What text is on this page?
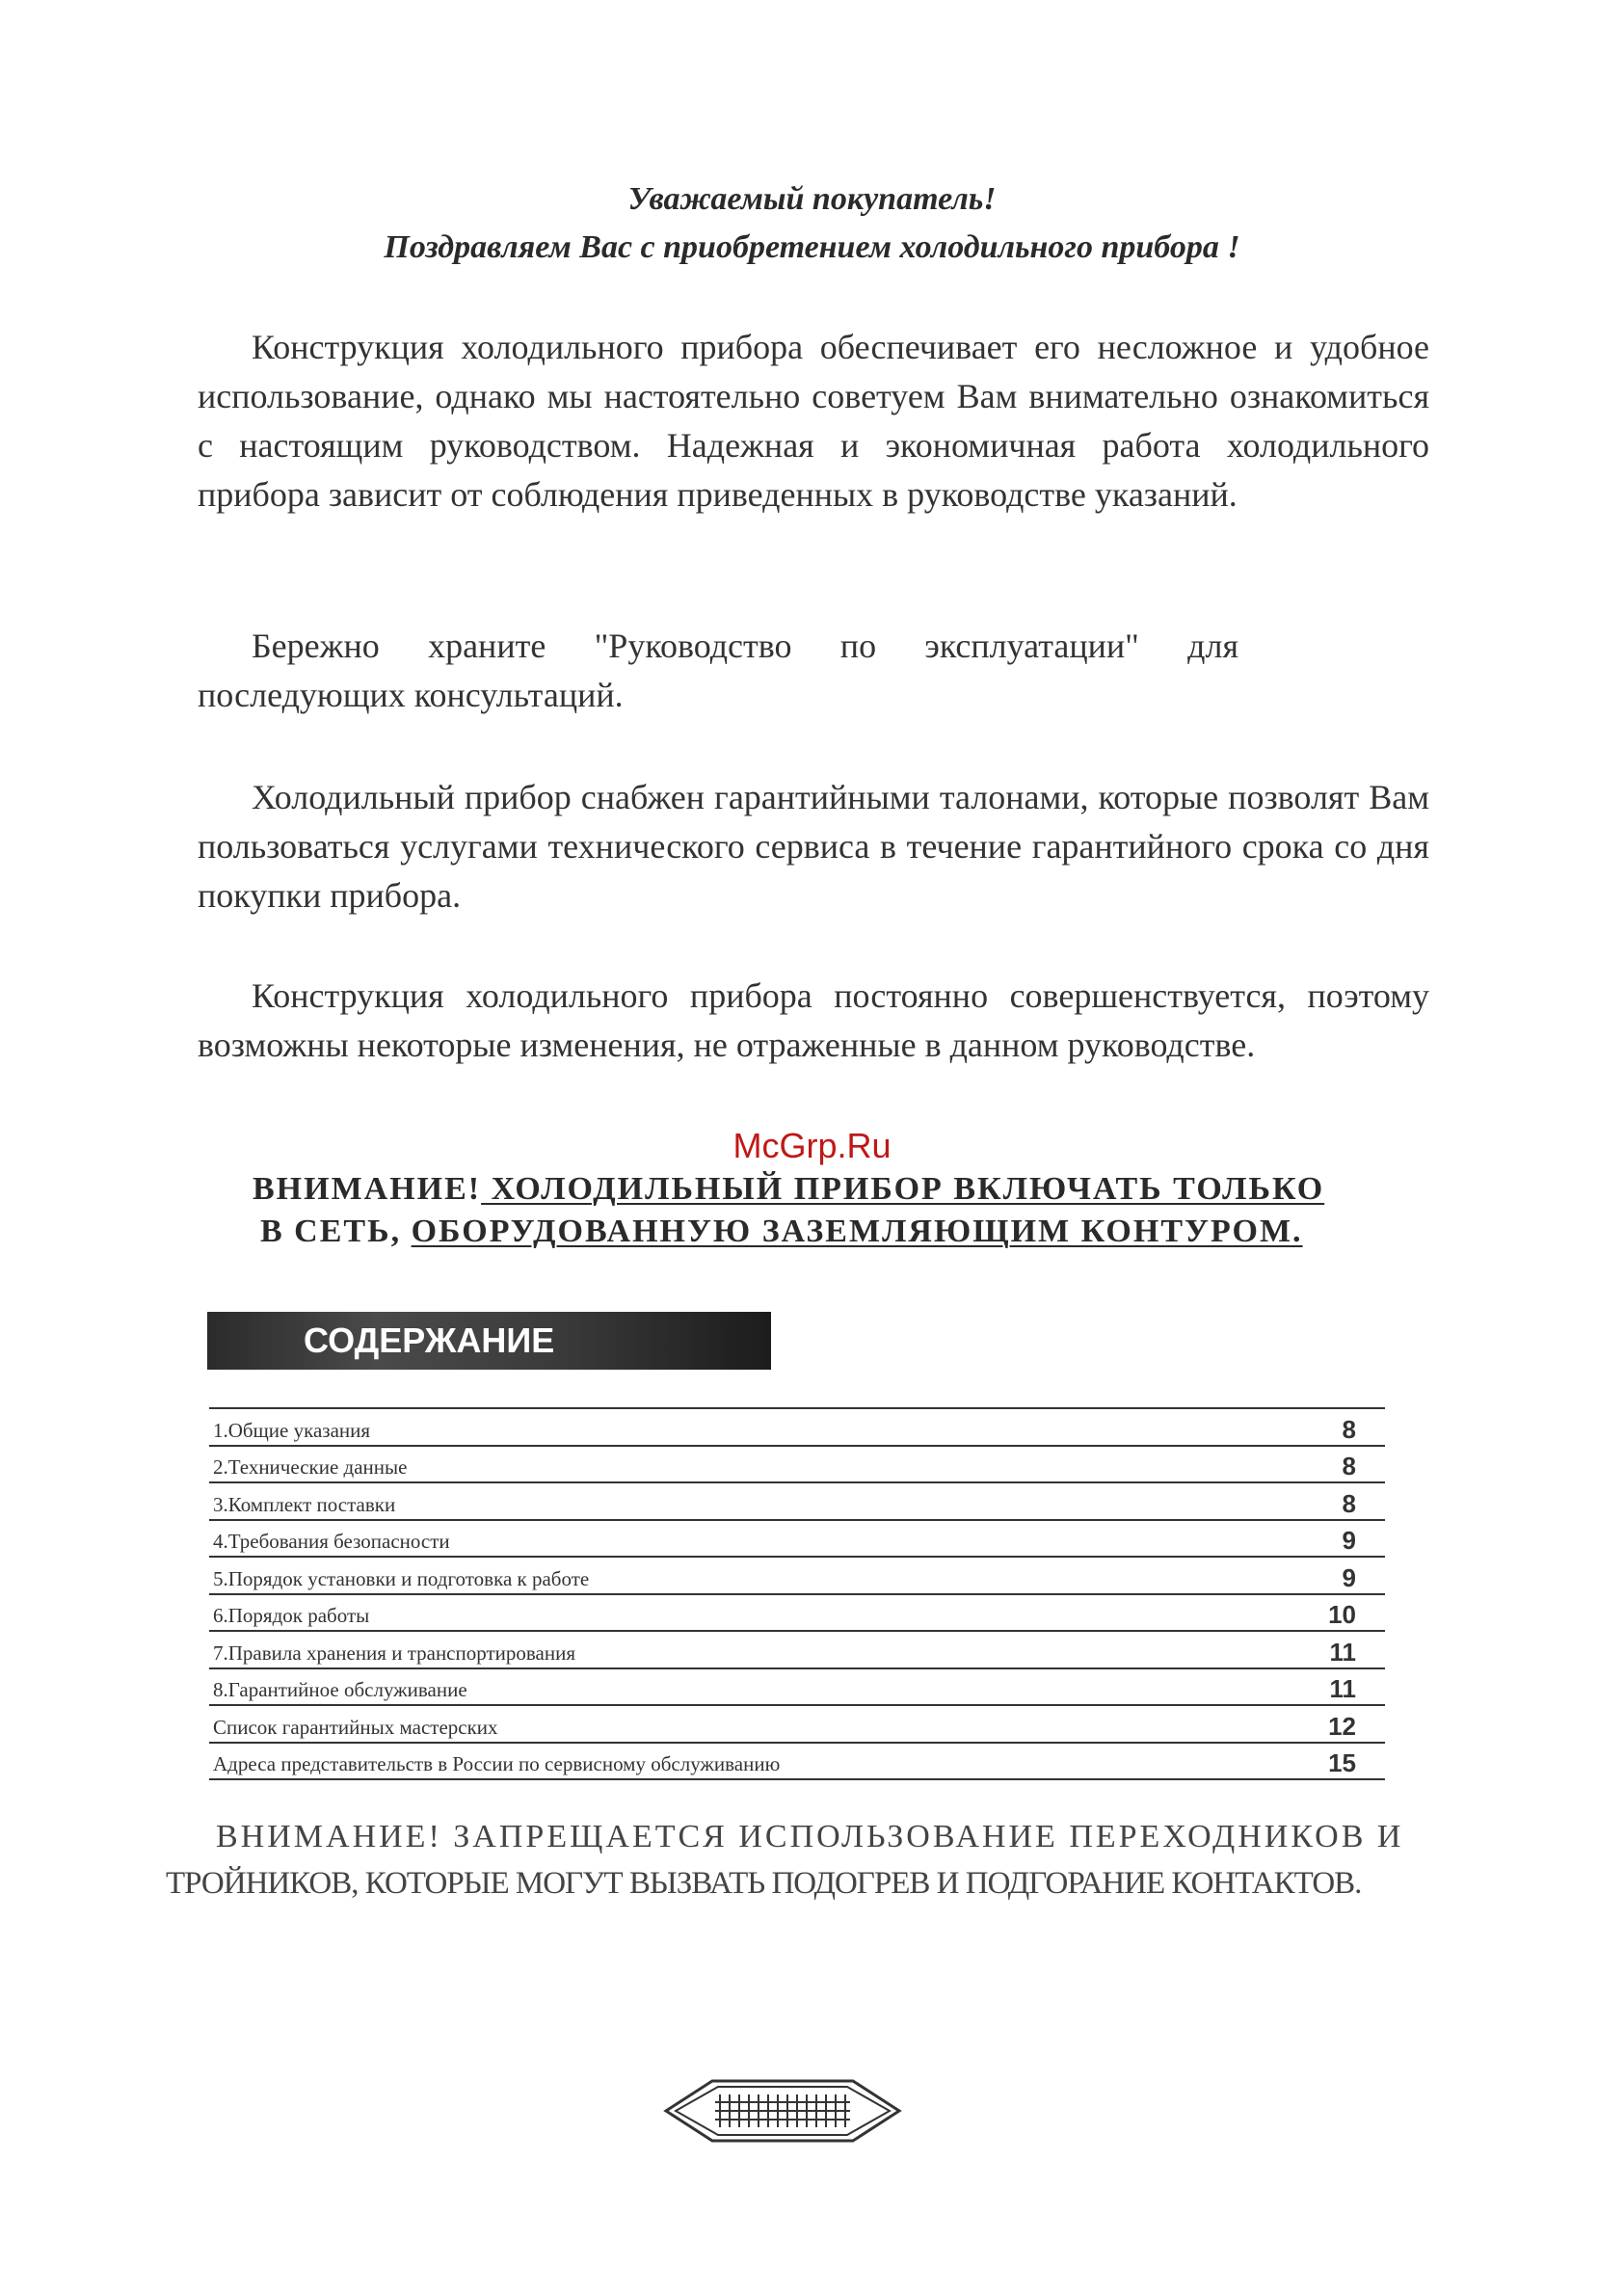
Уважаемый покупатель!
Поздравляем Вас с приобретением холодильного прибора !

Конструкция холодильного прибора обеспечивает его несложное и удобное использование, однако мы настоятельно советуем Вам внимательно ознакомиться с настоящим руководством. Надежная и экономичная работа холодильного прибора зависит от соблюдения приведенных в руководстве указаний.

Бережно храните "Руководство по эксплуатации" для последующих консультаций.

Холодильный прибор снабжен гарантийными талонами, которые позволят Вам пользоваться услугами технического сервиса в течение гарантийного срока со дня покупки прибора.

Конструкция холодильного прибора постоянно совершенствуется, поэтому возможны некоторые изменения, не отраженные в данном руководстве.

McGrp.Ru
ВНИМАНИЕ! ХОЛОДИЛЬНЫЙ ПРИБОР ВКЛЮЧАТЬ ТОЛЬКО
В СЕТЬ, ОБОРУДОВАННУЮ ЗАЗЕМЛЯЮЩИМ КОНТУРОМ.
СОДЕРЖАНИЕ
1.Общие указания	8
2.Технические данные	8
3.Комплект поставки	8
4.Требования безопасности	9
5.Порядок установки и подготовка к работе	9
6.Порядок работы	10
7.Правила хранения и транспортирования	11
8.Гарантийное обслуживание	11
Список гарантийных мастерских	12
Адреса представительств в России по сервисному обслуживанию	15
ВНИМАНИЕ! ЗАПРЕЩАЕТСЯ ИСПОЛЬЗОВАНИЕ ПЕРЕХОДНИКОВ И
ТРОЙНИКОВ, КОТОРЫЕ МОГУТ ВЫЗВАТЬ ПОДОГРЕВ И ПОДГОРАНИЕ КОНТАКТОВ.
